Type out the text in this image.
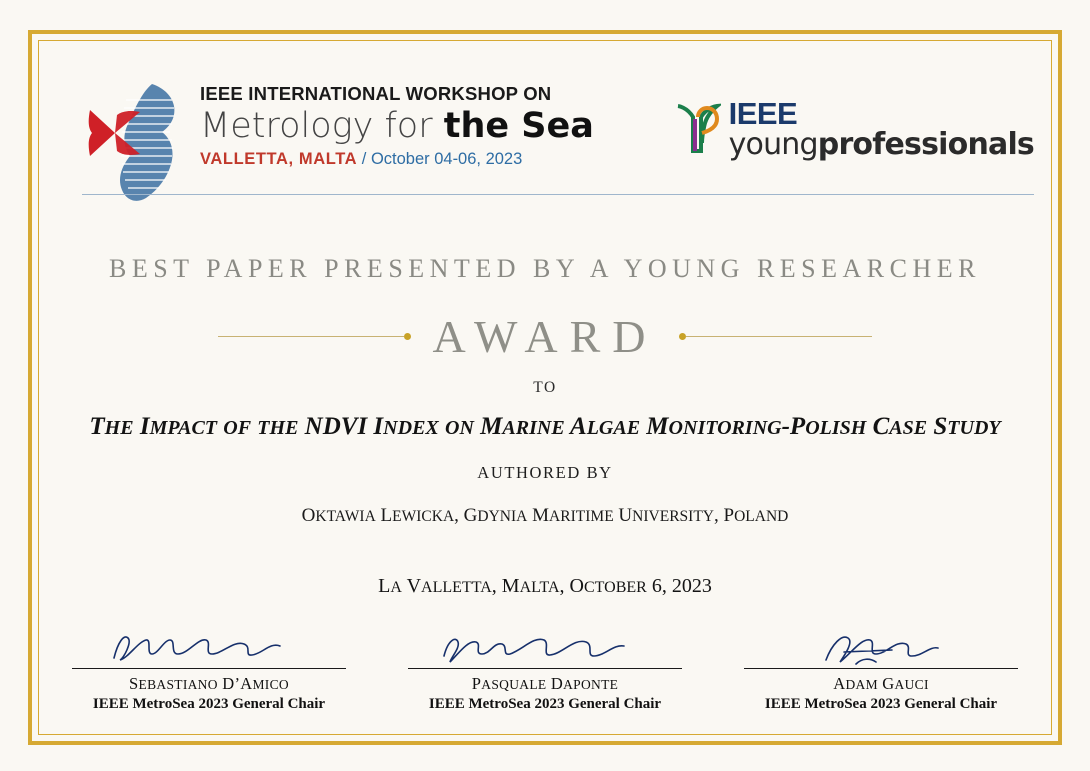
IEEE INTERNATIONAL WORKSHOP ON
Metrology for the Sea
VALLETTA, MALTA / October 04-06, 2023
IEEE
youngprofessionals
BEST PAPER PRESENTED BY A YOUNG RESEARCHER
AWARD
TO
THE IMPACT OF THE NDVI INDEX ON MARINE ALGAE MONITORING-POLISH CASE STUDY
AUTHORED BY
OKTAWIA LEWICKA, GDYNIA MARITIME UNIVERSITY, POLAND
LA VALLETTA, MALTA, OCTOBER 6, 2023
SEBASTIANO D’AMICO
IEEE MetroSea 2023 General Chair
PASQUALE DAPONTE
IEEE MetroSea 2023 General Chair
ADAM GAUCI
IEEE MetroSea 2023 General Chair
